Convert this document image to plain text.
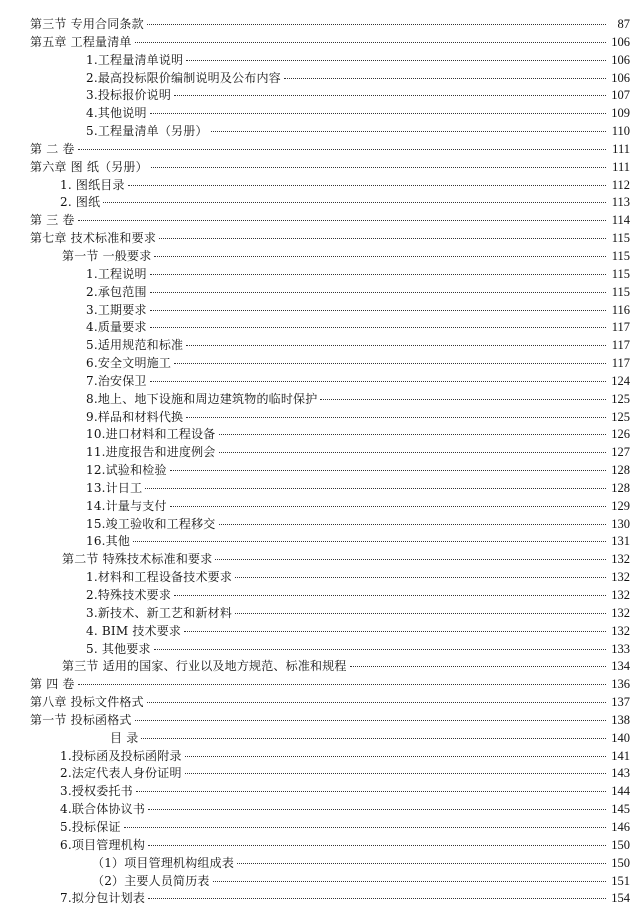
第三节 专用合同条款	87
第五章 工程量清单	106
1.工程量清单说明	106
2.最高投标限价编制说明及公布内容	106
3.投标报价说明	107
4.其他说明	109
5.工程量清单（另册）	110
第 二 卷	111
第六章 图 纸（另册）	111
1. 图纸目录	112
2. 图纸	113
第 三 卷	114
第七章 技术标准和要求	115
第一节 一般要求	115
1.工程说明	115
2.承包范围	115
3.工期要求	116
4.质量要求	117
5.适用规范和标准	117
6.安全文明施工	117
7.治安保卫	124
8.地上、地下设施和周边建筑物的临时保护	125
9.样品和材料代换	125
10.进口材料和工程设备	126
11.进度报告和进度例会	127
12.试验和检验	128
13.计日工	128
14.计量与支付	129
15.竣工验收和工程移交	130
16.其他	131
第二节 特殊技术标准和要求	132
1.材料和工程设备技术要求	132
2.特殊技术要求	132
3.新技术、新工艺和新材料	132
4. BIM 技术要求	132
5. 其他要求	133
第三节 适用的国家、行业以及地方规范、标准和规程	134
第 四 卷	136
第八章 投标文件格式	137
第一节 投标函格式	138
目 录	140
1.投标函及投标函附录	141
2.法定代表人身份证明	143
3.授权委托书	144
4.联合体协议书	145
5.投标保证	146
6.项目管理机构	150
（1）项目管理机构组成表	150
（2）主要人员简历表	151
7.拟分包计划表	154
